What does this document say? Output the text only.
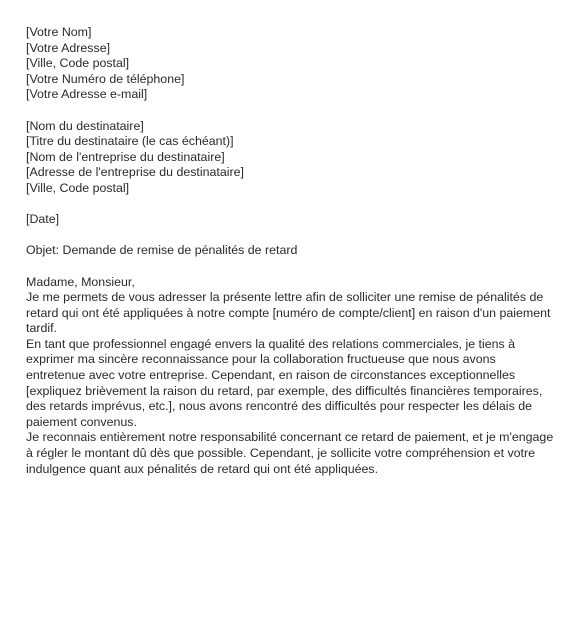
[Votre Nom]
[Votre Adresse]
[Ville, Code postal]
[Votre Numéro de téléphone]
[Votre Adresse e-mail]
[Nom du destinataire]
[Titre du destinataire (le cas échéant)]
[Nom de l'entreprise du destinataire]
[Adresse de l'entreprise du destinataire]
[Ville, Code postal]
[Date]
Objet: Demande de remise de pénalités de retard
Madame, Monsieur,

Je me permets de vous adresser la présente lettre afin de solliciter une remise de pénalités de retard qui ont été appliquées à notre compte [numéro de compte/client] en raison d'un paiement tardif.

En tant que professionnel engagé envers la qualité des relations commerciales, je tiens à exprimer ma sincère reconnaissance pour la collaboration fructueuse que nous avons entretenue avec votre entreprise. Cependant, en raison de circonstances exceptionnelles [expliquez brièvement la raison du retard, par exemple, des difficultés financières temporaires, des retards imprévus, etc.], nous avons rencontré des difficultés pour respecter les délais de paiement convenus.

Je reconnais entièrement notre responsabilité concernant ce retard de paiement, et je m'engage à régler le montant dû dès que possible. Cependant, je sollicite votre compréhension et votre indulgence quant aux pénalités de retard qui ont été appliquées.
